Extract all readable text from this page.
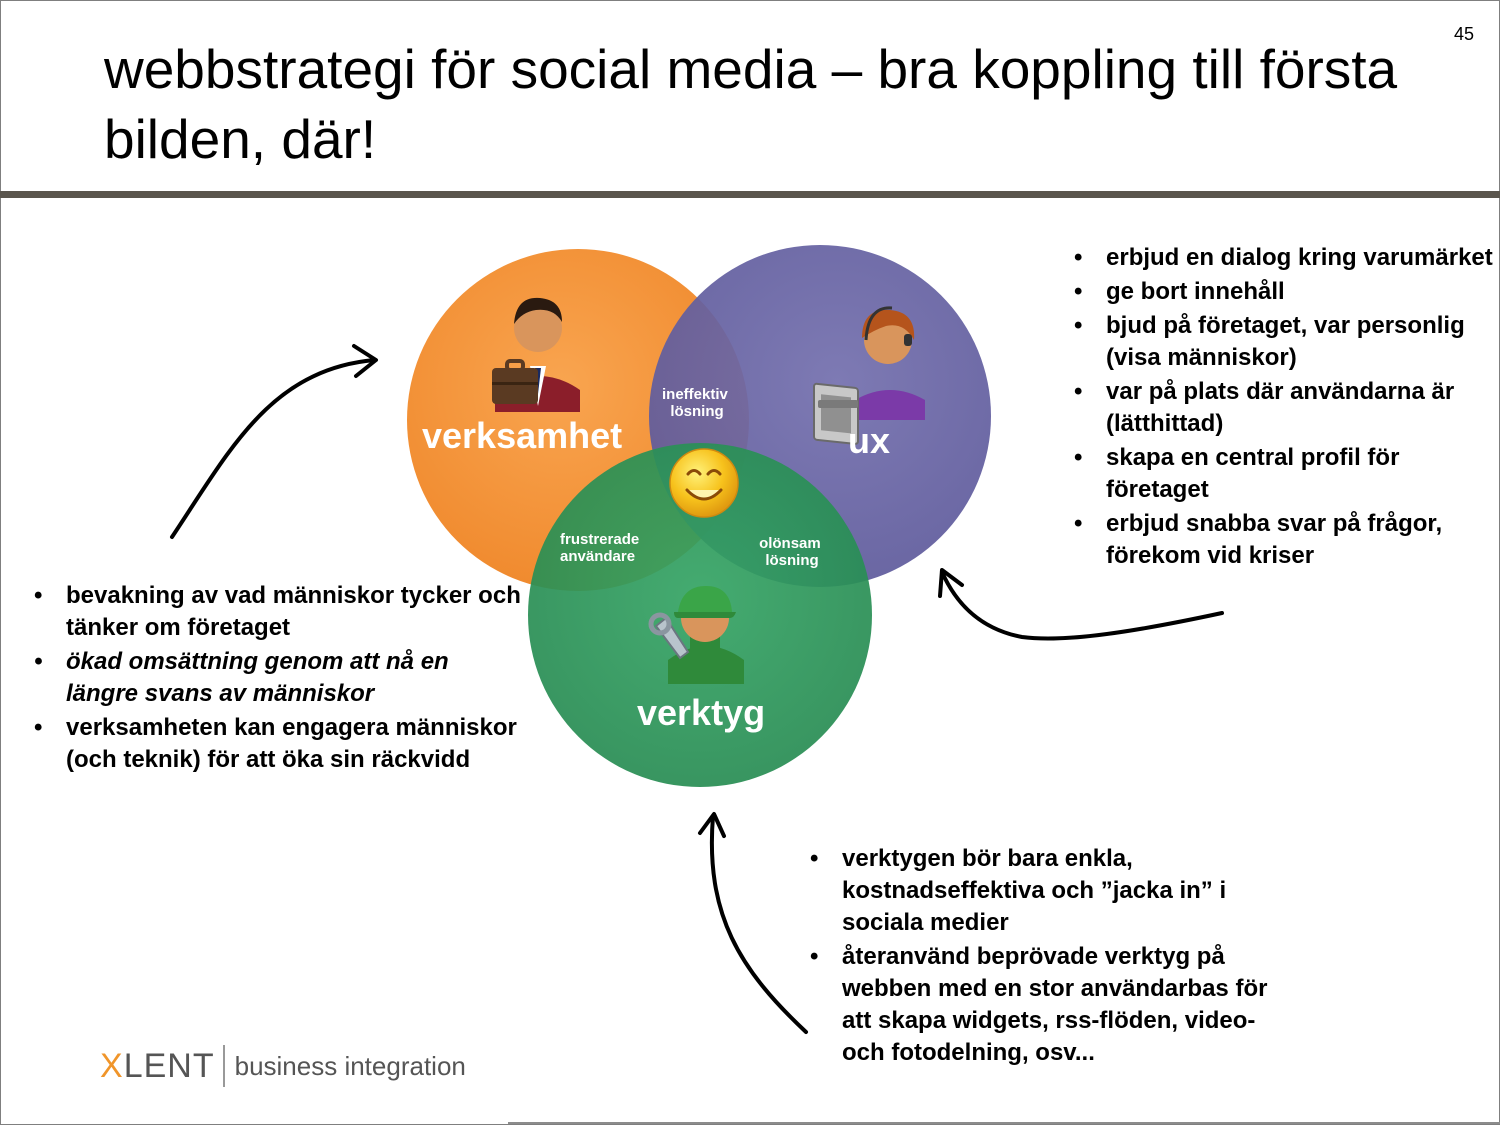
45
webbstrategi för social media – bra koppling till första bilden, där!
verksamhet	ux
verktyg
ineffektiv lösning
frustrerade användare
olönsam lösning
• bevakning av vad människor tycker och tänker om företaget
• ökad omsättning genom att nå en längre svans av människor
• verksamheten kan engagera människor (och teknik) för att öka sin räckvidd
• erbjud en dialog kring varumärket
• ge bort innehåll
• bjud på företaget, var personlig (visa människor)
• var på plats där användarna är (lätthittad)
• skapa en central profil för företaget
• erbjud snabba svar på frågor, förekom vid kriser
• verktygen bör bara enkla, kostnadseffektiva och ”jacka in” i sociala medier
• återanvänd beprövade verktyg på webben med en stor användarbas för att skapa widgets, rss-flöden, video- och fotodelning, osv...
XLENT business integration
